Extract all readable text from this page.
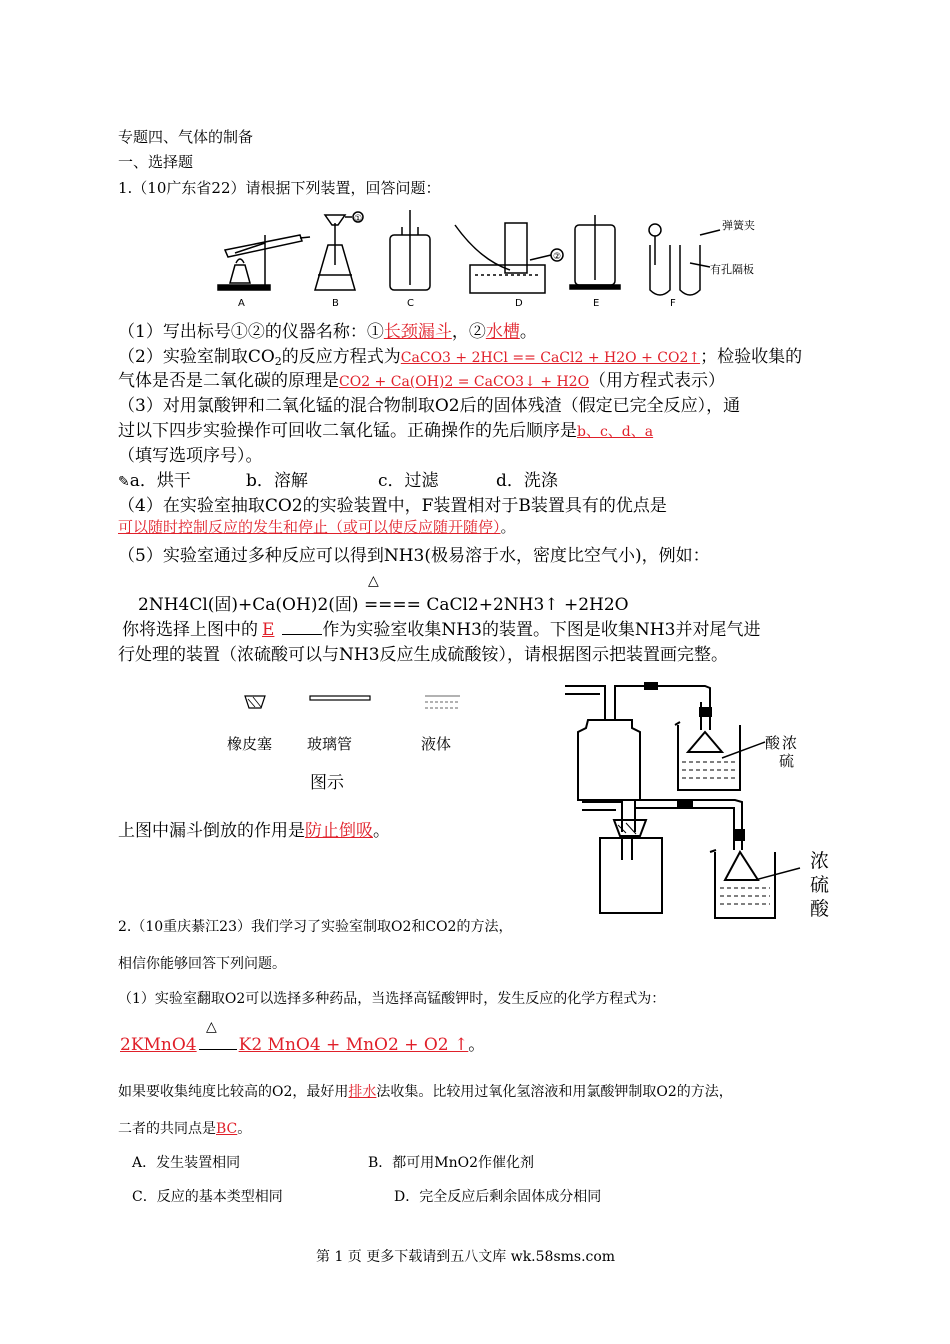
专题四、气体的制备
一、选择题
1.（10广东省22）请根据下列装置，回答问题：
A	B	C	D	E	F
①
②
弹簧夹
有孔隔板
（1）写出标号①②的仪器名称：①长颈漏斗，②水槽。
（2）实验室制取$CO_2$的反应方程式为CaCO3 + 2HCl == CaCl2 + H2O + CO2↑；检验收集的
气体是否是二氧化碳的原理是CO2 + Ca(OH)2 = CaCO3↓ + H2O（用方程式表示）
（3）对用氯酸钾和二氧化锰的混合物制取O2后的固体残渣（假定已完全反应），通
过以下四步实验操作可回收二氧化锰。正确操作的先后顺序是b、c、d、a
（填写选项序号）。
✎a．烘干	b．溶解	c．过滤	d．洗涤
（4）在实验室抽取CO2的实验装置中，F装置相对于B装置具有的优点是
可以随时控制反应的发生和停止（或可以使反应随开随停）。
（5）实验室通过多种反应可以得到NH3(极易溶于水，密度比空气小)，例如：
△
2NH4Cl(固)+Ca(OH)2(固) ==== CaCl2+2NH3↑ +2H2O
你将选择上图中的 E	作为实验室收集NH3的装置。下图是收集NH3并对尾气进
行处理的装置（浓硫酸可以与NH3反应生成硫酸铵），请根据图示把装置画完整。
橡皮塞 玻璃管	液体
图示
上图中漏斗倒放的作用是防止倒吸。
酸 浓
硫
浓
硫
酸
2.（10重庆綦江23）我们学习了实验室制取O2和CO2的方法，
相信你能够回答下列问题。
（1）实验室翻取O2可以选择多种药品，当选择高锰酸钾时，发生反应的化学方程式为：
△
2KMnO4 K2 MnO4 + MnO2 + O2 ↑。
如果要收集纯度比较高的O2，最好用排水法收集。比较用过氧化氢溶液和用氯酸钾制取O2的方法，
二者的共同点是BC。
A．发生装置相同	B．都可用MnO2作催化剂
C．反应的基本类型相同	D．完全反应后剩余固体成分相同
第 1 页 更多下载请到五八文库 wk.58sms.com
